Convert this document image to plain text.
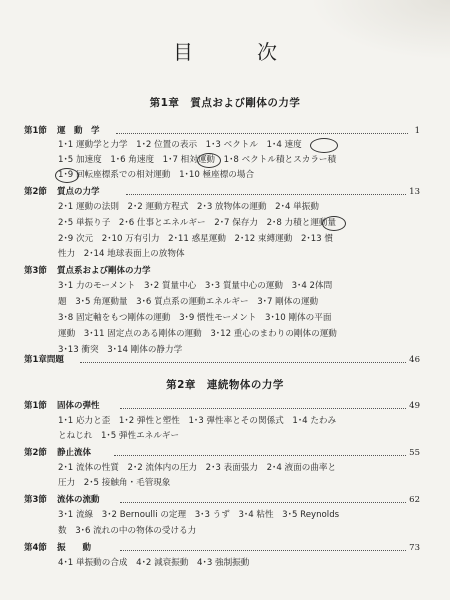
目　次
第1章　質点および剛体の力学
第1節 運　動　学	1
1･1 運動学と力学　1･2 位置の表示　1･3 ベクトル　1･4 速度
1･5 加速度　1･6 角速度　1･7 相対運動　1･8 ベクトル積とスカラー積
1･9 回転座標系での相対運動　1･10 極座標の場合
第2節 質点の力学	13
2･1 運動の法則　2･2 運動方程式　2･3 放物体の運動　2･4 単振動
2･5 単振り子　2･6 仕事とエネルギー　2･7 保存力　2･8 力積と運動量
2･9 次元　2･10 万有引力　2･11 惑星運動　2･12 束縛運動　2･13 慣
性力　2･14 地球表面上の放物体
第3節 質点系および剛体の力学
3･1 力のモーメント　3･2 質量中心　3･3 質量中心の運動　3･4 2体問
題　3･5 角運動量　3･6 質点系の運動エネルギー　3･7 剛体の運動
3･8 固定軸をもつ剛体の運動　3･9 慣性モーメント　3･10 剛体の平面
運動　3･11 固定点のある剛体の運動　3･12 重心のまわりの剛体の運動
3･13 衝突　3･14 剛体の静力学
第1章問題	46
第2章　連続物体の力学
第1節 固体の弾性	49
1･1 応力と歪　1･2 弾性と塑性　1･3 弾性率とその関係式　1･4 たわみ
とねじれ　1･5 弾性エネルギー
第2節 静止流体	55
2･1 流体の性質　2･2 流体内の圧力　2･3 表面張力　2･4 液面の曲率と
圧力　2･5 接触角・毛管現象
第3節 流体の流動	62
3･1 流線　3･2 Bernoulli の定理　3･3 うず　3･4 粘性　3･5 Reynolds
数　3･6 流れの中の物体の受ける力
第4節 振　　動	73
4･1 単振動の合成　4･2 減衰振動　4･3 強制振動
